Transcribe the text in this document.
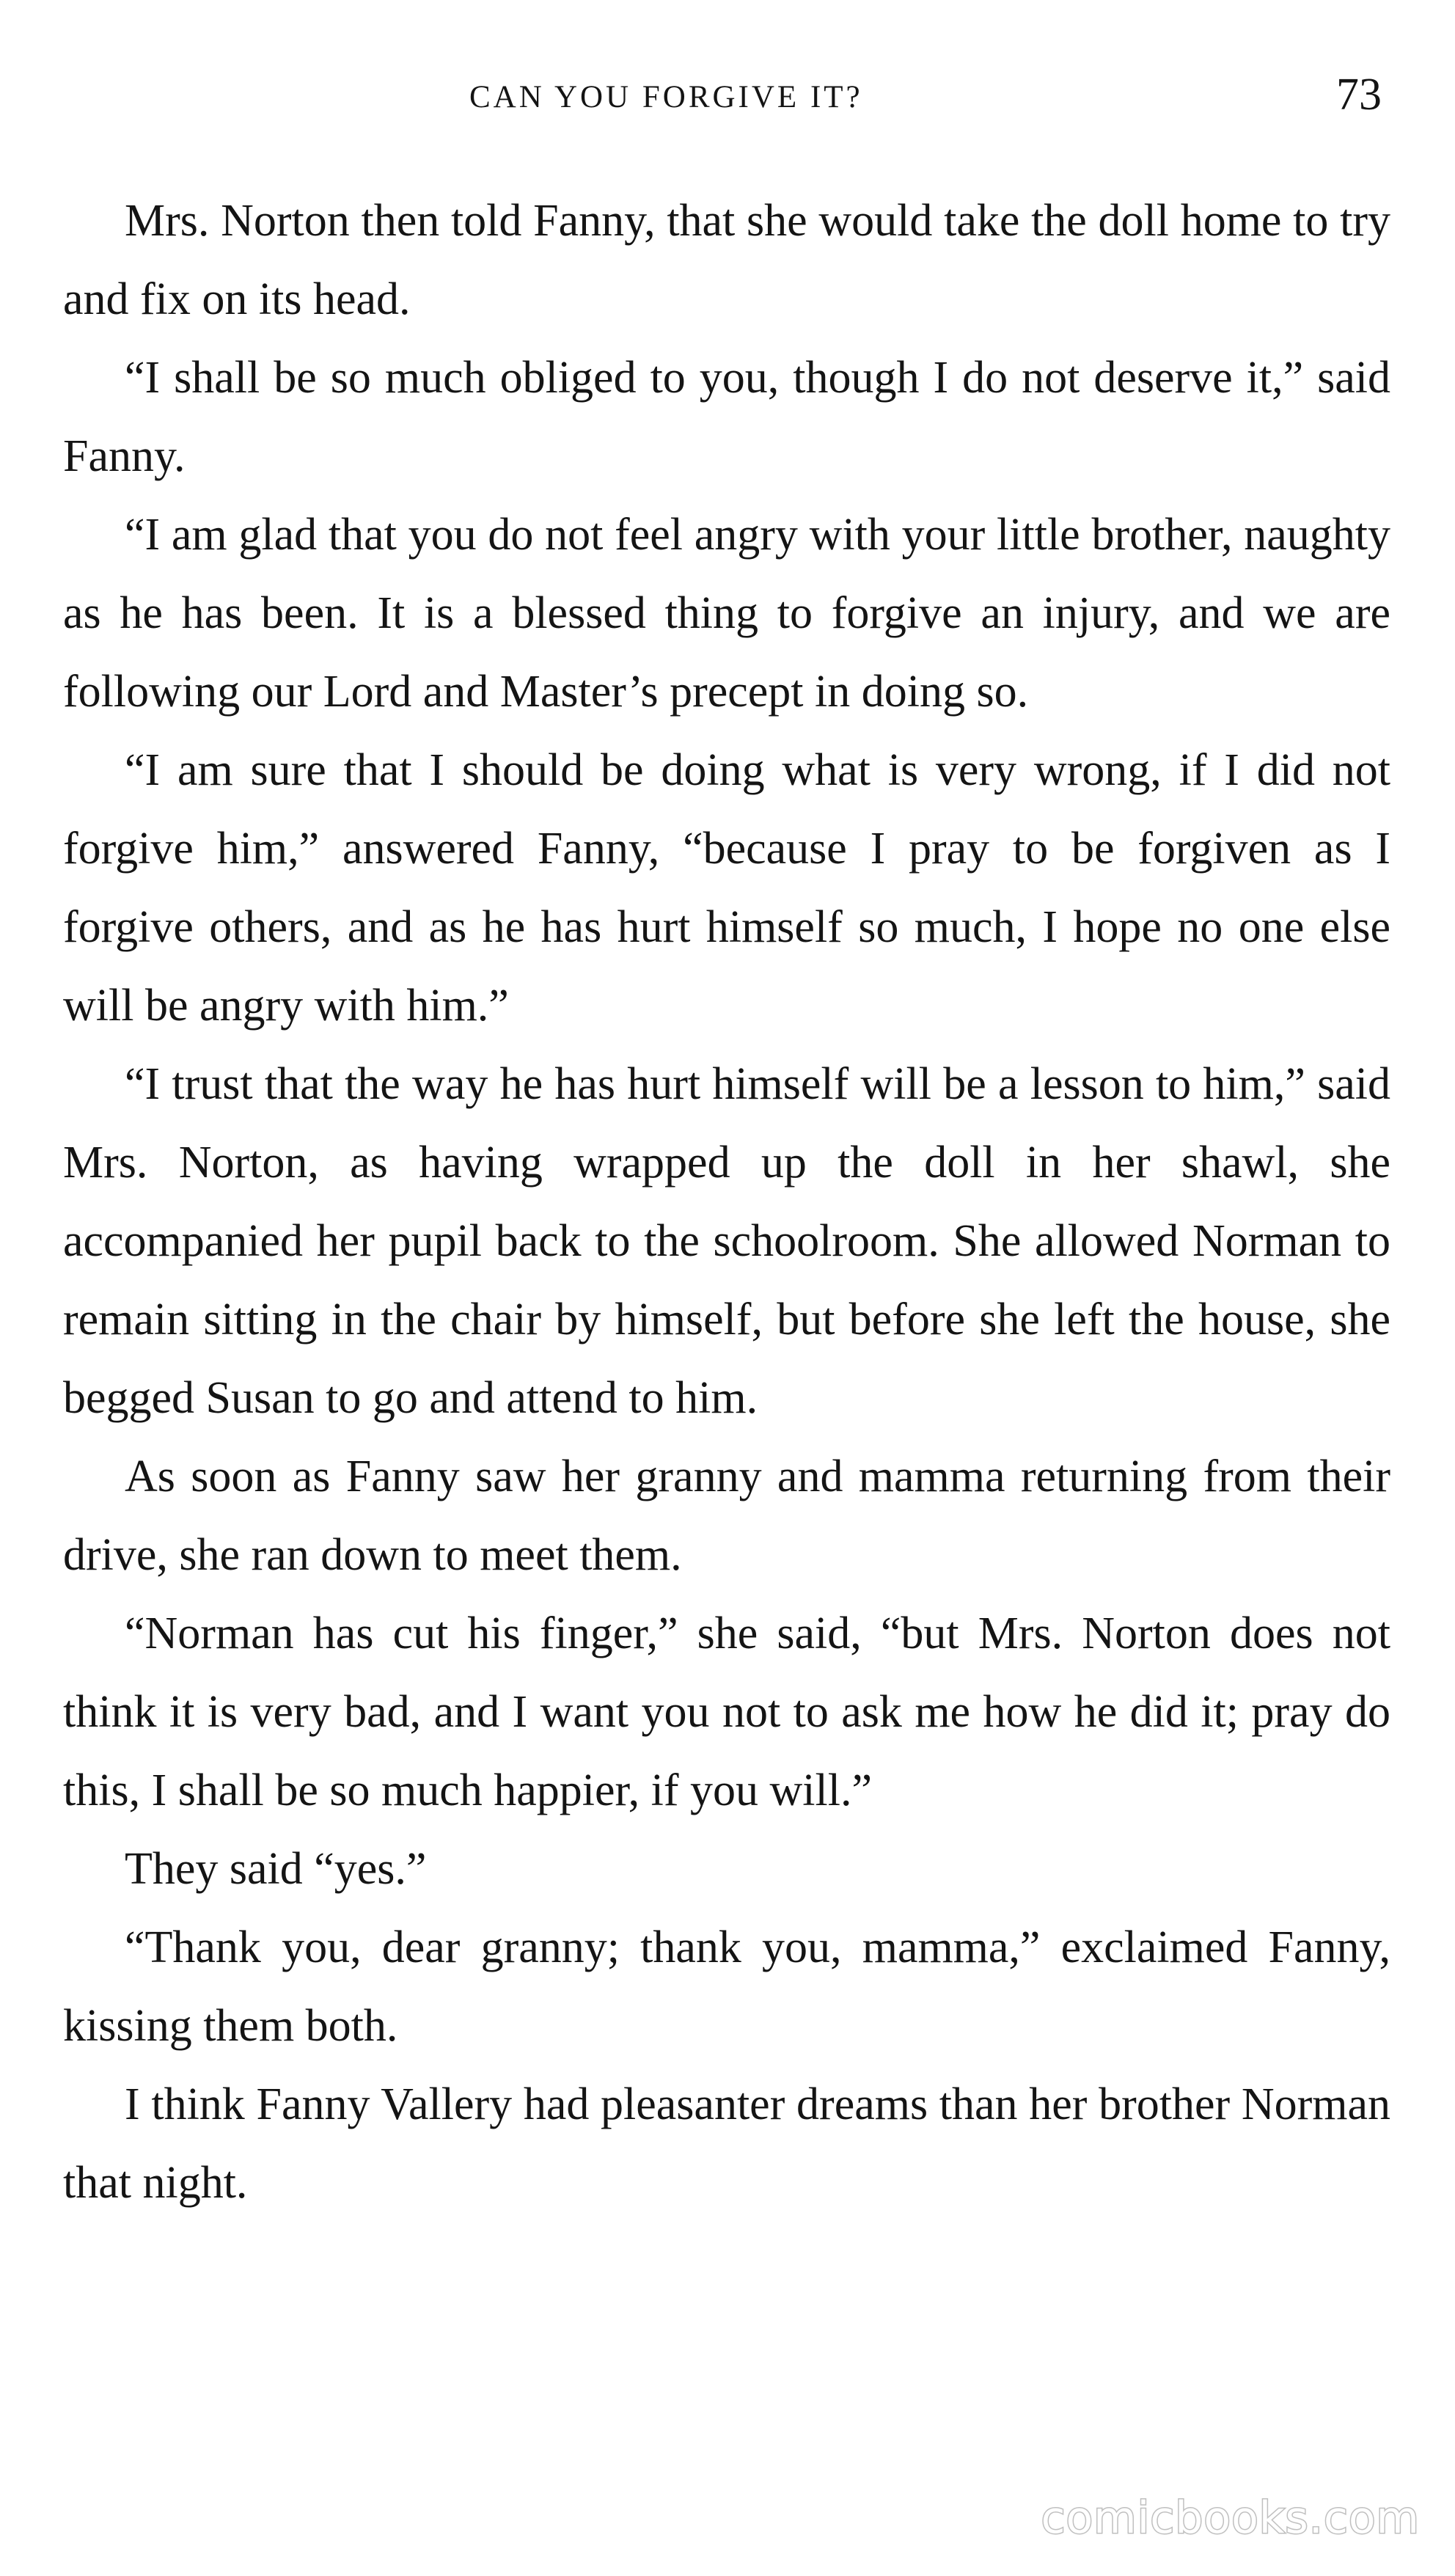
CAN YOU FORGIVE IT?	73

Mrs. Norton then told Fanny, that she would take the doll home to try and fix on its head.

“I shall be so much obliged to you, though I do not deserve it,” said Fanny.

“I am glad that you do not feel angry with your little brother, naughty as he has been. It is a blessed thing to forgive an injury, and we are following our Lord and Master’s precept in doing so.

“I am sure that I should be doing what is very wrong, if I did not forgive him,” answered Fanny, “because I pray to be forgiven as I forgive others, and as he has hurt himself so much, I hope no one else will be angry with him.”

“I trust that the way he has hurt himself will be a lesson to him,” said Mrs. Norton, as having wrapped up the doll in her shawl, she accompanied her pupil back to the schoolroom. She allowed Norman to remain sitting in the chair by himself, but before she left the house, she begged Susan to go and attend to him.

As soon as Fanny saw her granny and mamma returning from their drive, she ran down to meet them.

“Norman has cut his finger,” she said, “but Mrs. Norton does not think it is very bad, and I want you not to ask me how he did it; pray do this, I shall be so much happier, if you will.”

They said “yes.”

“Thank you, dear granny; thank you, mamma,” exclaimed Fanny, kissing them both.

I think Fanny Vallery had pleasanter dreams than her brother Norman that night.

comicbooks.com
